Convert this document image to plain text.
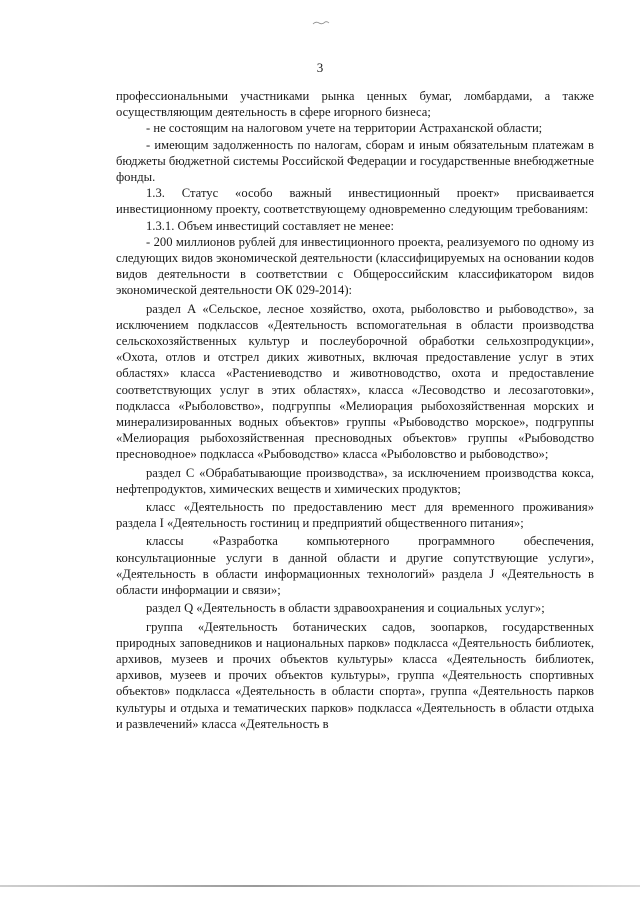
3

профессиональными участниками рынка ценных бумаг, ломбардами, а также осуществляющим деятельность в сфере игорного бизнеса;

- не состоящим на налоговом учете на территории Астраханской области;

- имеющим задолженность по налогам, сборам и иным обязательным платежам в бюджеты бюджетной системы Российской Федерации и государственные внебюджетные фонды.

1.3. Статус «особо важный инвестиционный проект» присваивается инвестиционному проекту, соответствующему одновременно следующим требованиям:

1.3.1. Объем инвестиций составляет не менее:

- 200 миллионов рублей для инвестиционного проекта, реализуемого по одному из следующих видов экономической деятельности (классифицируемых на основании кодов видов деятельности в соответствии с Общероссийским классификатором видов экономической деятельности ОК 029-2014):

раздел А «Сельское, лесное хозяйство, охота, рыболовство и рыбоводство», за исключением подклассов «Деятельность вспомогательная в области производства сельскохозяйственных культур и послеуборочной обработки сельхозпродукции», «Охота, отлов и отстрел диких животных, включая предоставление услуг в этих областях» класса «Растениеводство и животноводство, охота и предоставление соответствующих услуг в этих областях», класса «Лесоводство и лесозаготовки», подкласса «Рыболовство», подгруппы «Мелиорация рыбохозяйственная морских и минерализированных водных объектов» группы «Рыбоводство морское», подгруппы «Мелиорация рыбохозяйственная пресноводных объектов» группы «Рыбоводство пресноводное» подкласса «Рыбоводство» класса «Рыболовство и рыбоводство»;

раздел С «Обрабатывающие производства», за исключением производства кокса, нефтепродуктов, химических веществ и химических продуктов;

класс «Деятельность по предоставлению мест для временного проживания» раздела I «Деятельность гостиниц и предприятий общественного питания»;

классы «Разработка компьютерного программного обеспечения, консультационные услуги в данной области и другие сопутствующие услуги», «Деятельность в области информационных технологий» раздела J «Деятельность в области информации и связи»;

раздел Q «Деятельность в области здравоохранения и социальных услуг»;

группа «Деятельность ботанических садов, зоопарков, государственных природных заповедников и национальных парков» подкласса «Деятельность библиотек, архивов, музеев и прочих объектов культуры» класса «Деятельность библиотек, архивов, музеев и прочих объектов культуры», группа «Деятельность спортивных объектов» подкласса «Деятельность в области спорта», группа «Деятельность парков культуры и отдыха и тематических парков» подкласса «Деятельность в области отдыха и развлечений» класса «Деятельность в
